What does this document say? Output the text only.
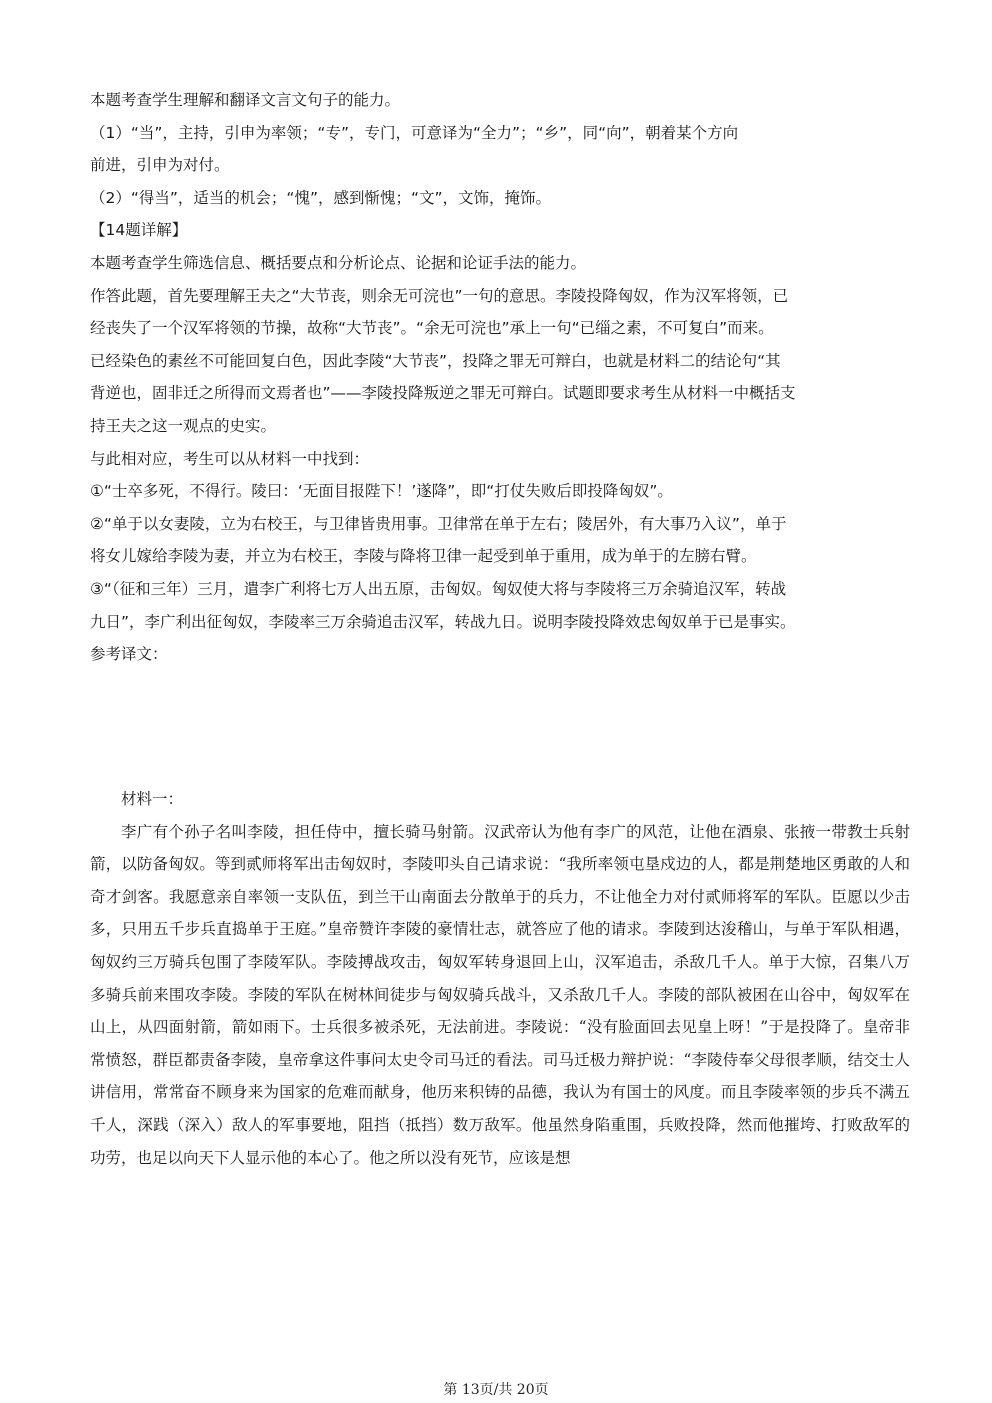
本题考查学生理解和翻译文言文句子的能力。

（1）“当”，主持，引申为率领；“专”，专门，可意译为“全力”；“乡”，同“向”，朝着某个方向

前进，引申为对付。

（2）“得当”，适当的机会；“愧”，感到惭愧；“文”，文饰，掩饰。

【14题详解】

本题考查学生筛选信息、概括要点和分析论点、论据和论证手法的能力。

作答此题，首先要理解王夫之“大节丧，则余无可浣也”一句的意思。李陵投降匈奴，作为汉军将领，已

经丧失了一个汉军将领的节操，故称“大节丧”。“余无可浣也”承上一句“已缁之素，不可复白”而来。

已经染色的素丝不可能回复白色，因此李陵“大节丧”，投降之罪无可辩白，也就是材料二的结论句“其

背逆也，固非迁之所得而文焉者也”——李陵投降叛逆之罪无可辩白。试题即要求考生从材料一中概括支

持王夫之这一观点的史实。

与此相对应，考生可以从材料一中找到：

①“士卒多死，不得行。陵曰：‘无面目报陛下！’遂降”，即“打仗失败后即投降匈奴”。

②“单于以女妻陵，立为右校王，与卫律皆贵用事。卫律常在单于左右；陵居外，有大事乃入议”，单于

将女儿嫁给李陵为妻，并立为右校王，李陵与降将卫律一起受到单于重用，成为单于的左膀右臂。

③“（征和三年）三月，遣李广利将七万人出五原，击匈奴。匈奴使大将与李陵将三万余骑追汉军，转战

九日”，李广利出征匈奴，李陵率三万余骑追击汉军，转战九日。说明李陵投降效忠匈奴单于已是事实。

参考译文：

材料一：

李广有个孙子名叫李陵，担任侍中，擅长骑马射箭。汉武帝认为他有李广的风范，让他在酒泉、张掖一带教士兵射箭，以防备匈奴。等到贰师将军出击匈奴时，李陵叩头自己请求说：“我所率领屯垦戍边的人，都是荆楚地区勇敢的人和奇才剑客。我愿意亲自率领一支队伍，到兰干山南面去分散单于的兵力，不让他全力对付贰师将军的军队。臣愿以少击多，只用五千步兵直捣单于王庭。”皇帝赞许李陵的豪情壮志，就答应了他的请求。李陵到达浚稽山，与单于军队相遇，匈奴约三万骑兵包围了李陵军队。李陵搏战攻击，匈奴军转身退回上山，汉军追击，杀敌几千人。单于大惊，召集八万多骑兵前来围攻李陵。李陵的军队在树林间徒步与匈奴骑兵战斗，又杀敌几千人。李陵的部队被困在山谷中，匈奴军在山上，从四面射箭，箭如雨下。士兵很多被杀死，无法前进。李陵说：“没有脸面回去见皇上呀！”于是投降了。皇帝非常愤怒，群臣都责备李陵，皇帝拿这件事问太史令司马迁的看法。司马迁极力辩护说：“李陵侍奉父母很孝顺，结交士人讲信用，常常奋不顾身来为国家的危难而献身，他历来积铸的品德，我认为有国士的风度。而且李陵率领的步兵不满五千人，深践（深入）敌人的军事要地，阻挡（抵挡）数万敌军。他虽然身陷重围，兵败投降，然而他摧垮、打败敌军的功劳，也足以向天下人显示他的本心了。他之所以没有死节，应该是想

第 13页/共 20页
